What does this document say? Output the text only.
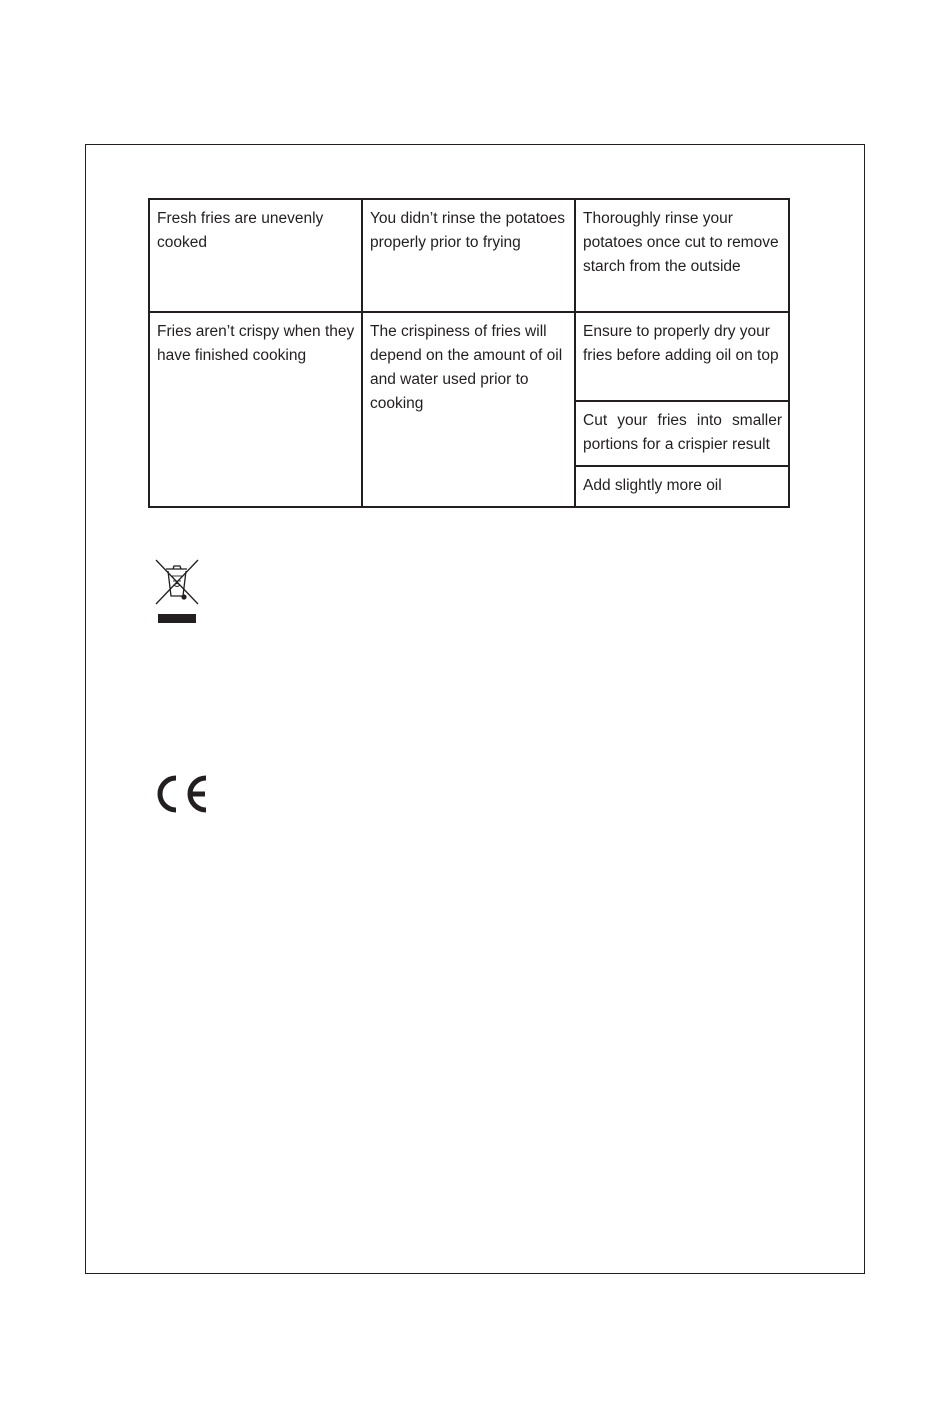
Fresh fries are unevenly cooked	You didn’t rinse the potatoes properly prior to frying	Thoroughly rinse your potatoes once cut to remove starch from the outside
Fries aren’t crispy when they have finished cooking	The crispiness of fries will depend on the amount of oil and water used prior to cooking	Ensure to properly dry your fries before adding oil on top
		Cut your fries into smaller portions for a crispier result
		Add slightly more oil
